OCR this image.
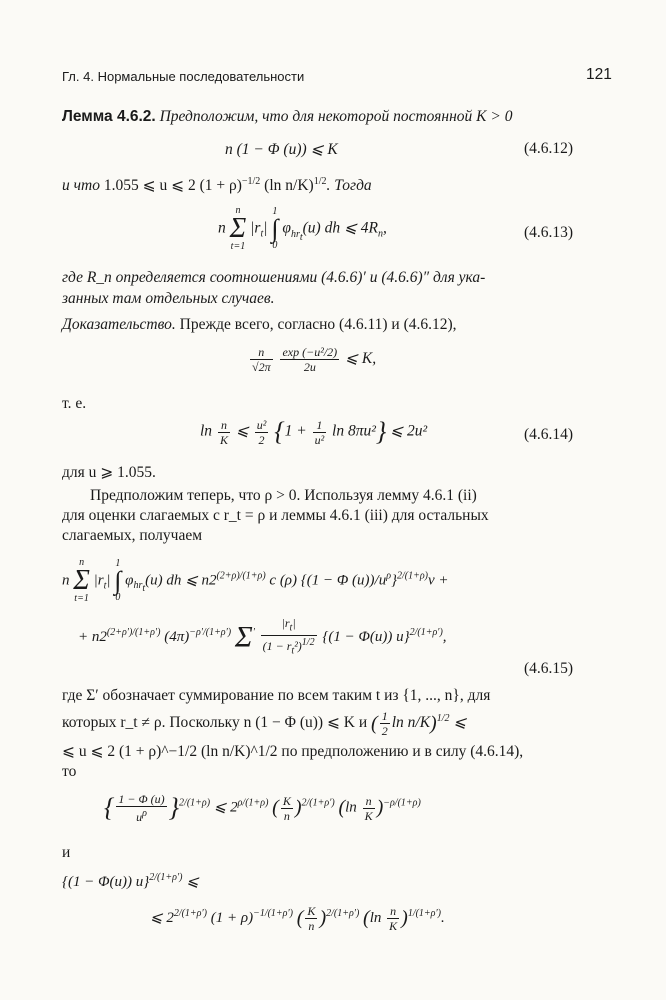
Гл. 4. Нормальные последовательности	121
Лемма 4.6.2. Предположим, что для некоторой постоянной K > 0
n (1 − Φ (u)) ⩽ K	(4.6.12)
и что 1.055 ⩽ u ⩽ 2 $(1 + \rho)^{-1/2}$ (ln n/K)$^{1/2}$. Тогда
n n
Σ
t=1 $|r_t|$ 1
∫
0 $\varphi_{hr_t}(u)$ dh ⩽ $4R_n$,	(4.6.13)
где R_n определяется соотношениями (4.6.6)′ и (4.6.6)″ для ука-
занных там отдельных случаев.
Доказательство. Прежде всего, согласно (4.6.11) и (4.6.12),
$\frac{n}{√2\pi}$
$\frac{\text{exp (−u²/2)}}{2u}$ ⩽ K,
т. е.
$\ln \frac{n}{K}$ ⩽ $\frac{\text{u²}}{2} \{1 + \frac{1}{\text{u²}}$ ln 8πu²} ⩽ 2u²	(4.6.14)
для u ⩾ 1.055.
Предположим теперь, что ρ > 0. Используя лемму 4.6.1 (ii)
для оценки слагаемых с r_t = ρ и леммы 4.6.1 (iii) для остальных
слагаемых, получаем
n n
Σ
t=1 $|r_t|$ 1
∫
0 $\varphi_{hr_t}(u)$ dh ⩽ $n2^{(2+\rho)/(1+\rho)}$ c (ρ) {(1 − Φ $(u))/u^\rho\}^{2/(1+\rho)}\nu$ +
+ $n2^{(2+\rho')/(1+\rho')}$ $(4\pi)^{-\rho'/(1+\rho')}$ $\Sigma' \frac{|r_t|}{(1 - r_t^2)^{1/2}} \{(1 - \Phi(u))$ u}$^{2/(1+\rho')}$,
(4.6.15)
где Σ′ обозначает суммирование по всем таким t из {1, ..., n}, для
которых r_t ≠ ρ. Поскольку n (1 − Φ (u)) ⩽ K и ( $\frac{1}{2}$ ln n/K)$^{1/2}$ ⩽
⩽ u ⩽ 2 (1 + ρ)^−1/2 (ln n/K)^1/2 по предположению и в силу (4.6.14),
то
{ $\frac{1 - \Phi (u)}{u^\rho} \}^{2/(1+\rho)}$ ⩽ $2^{\rho/(1+\rho)}$ ( $\frac{K}{n} )^{2/(1+\rho')}$ $(\ln \frac{n}{K} )^{-\rho/(1+\rho)}$
и
{(1 − Φ(u)) u}$^{2/(1+\rho')}$ ⩽
⩽ $2^{2/(1+\rho')}$ $(1 + \rho)^{-1/(1+\rho')}$ ( $\frac{K}{n} )^{2/(1+\rho')}$ $(\ln \frac{n}{K} )^{1/(1+\rho')}$.
